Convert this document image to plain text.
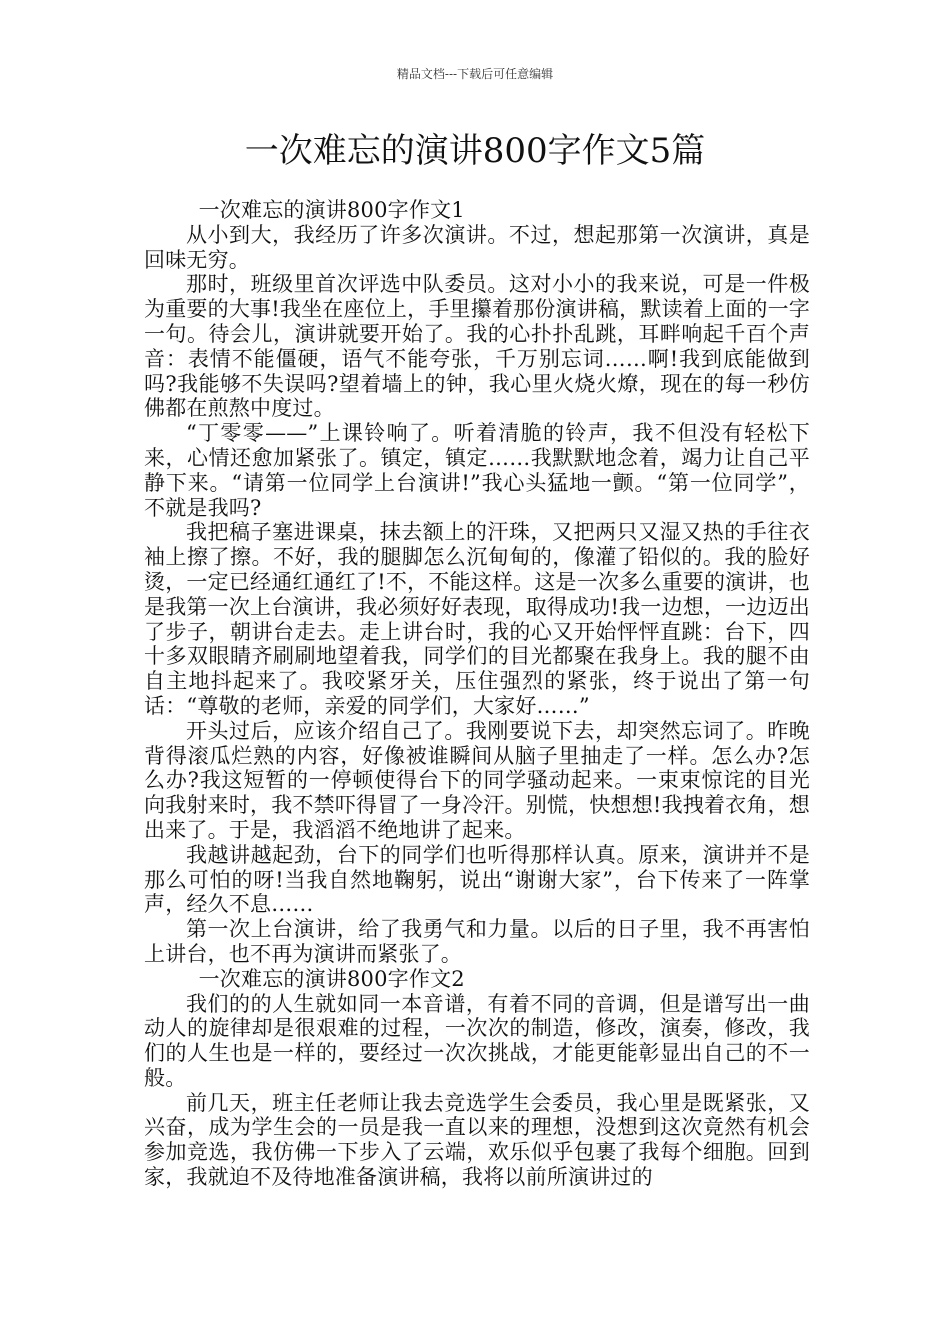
精品文档---下载后可任意编辑
一次难忘的演讲800字作文5篇

一次难忘的演讲800字作文1

从小到大，我经历了许多次演讲。不过，想起那第一次演讲，真是回味无穷。

那时，班级里首次评选中队委员。这对小小的我来说，可是一件极为重要的大事!我坐在座位上，手里攥着那份演讲稿，默读着上面的一字一句。待会儿，演讲就要开始了。我的心扑扑乱跳，耳畔响起千百个声音：表情不能僵硬，语气不能夸张，千万别忘词……啊!我到底能做到吗?我能够不失误吗?望着墙上的钟，我心里火烧火燎，现在的每一秒仿佛都在煎熬中度过。

“丁零零——”上课铃响了。听着清脆的铃声，我不但没有轻松下来，心情还愈加紧张了。镇定，镇定……我默默地念着，竭力让自己平静下来。“请第一位同学上台演讲!”我心头猛地一颤。“第一位同学”，不就是我吗?

我把稿子塞进课桌，抹去额上的汗珠，又把两只又湿又热的手往衣袖上擦了擦。不好，我的腿脚怎么沉甸甸的，像灌了铅似的。我的脸好烫，一定已经通红通红了!不，不能这样。这是一次多么重要的演讲，也是我第一次上台演讲，我必须好好表现，取得成功!我一边想，一边迈出了步子，朝讲台走去。走上讲台时，我的心又开始怦怦直跳：台下，四十多双眼睛齐刷刷地望着我，同学们的目光都聚在我身上。我的腿不由自主地抖起来了。我咬紧牙关，压住强烈的紧张，终于说出了第一句话：“尊敬的老师，亲爱的同学们，大家好……”

开头过后，应该介绍自己了。我刚要说下去，却突然忘词了。昨晚背得滚瓜烂熟的内容，好像被谁瞬间从脑子里抽走了一样。怎么办?怎么办?我这短暂的一停顿使得台下的同学骚动起来。一束束惊诧的目光向我射来时，我不禁吓得冒了一身冷汗。别慌，快想想!我拽着衣角，想出来了。于是，我滔滔不绝地讲了起来。

我越讲越起劲，台下的同学们也听得那样认真。原来，演讲并不是那么可怕的呀!当我自然地鞠躬，说出“谢谢大家”，台下传来了一阵掌声，经久不息……

第一次上台演讲，给了我勇气和力量。以后的日子里，我不再害怕上讲台，也不再为演讲而紧张了。

一次难忘的演讲800字作文2

我们的的人生就如同一本音谱，有着不同的音调，但是谱写出一曲动人的旋律却是很艰难的过程，一次次的制造，修改，演奏，修改，我们的人生也是一样的，要经过一次次挑战，才能更能彰显出自己的不一般。

前几天，班主任老师让我去竞选学生会委员，我心里是既紧张，又兴奋，成为学生会的一员是我一直以来的理想，没想到这次竟然有机会参加竞选，我仿佛一下步入了云端，欢乐似乎包裹了我每个细胞。回到家，我就迫不及待地准备演讲稿，我将以前所演讲过的
